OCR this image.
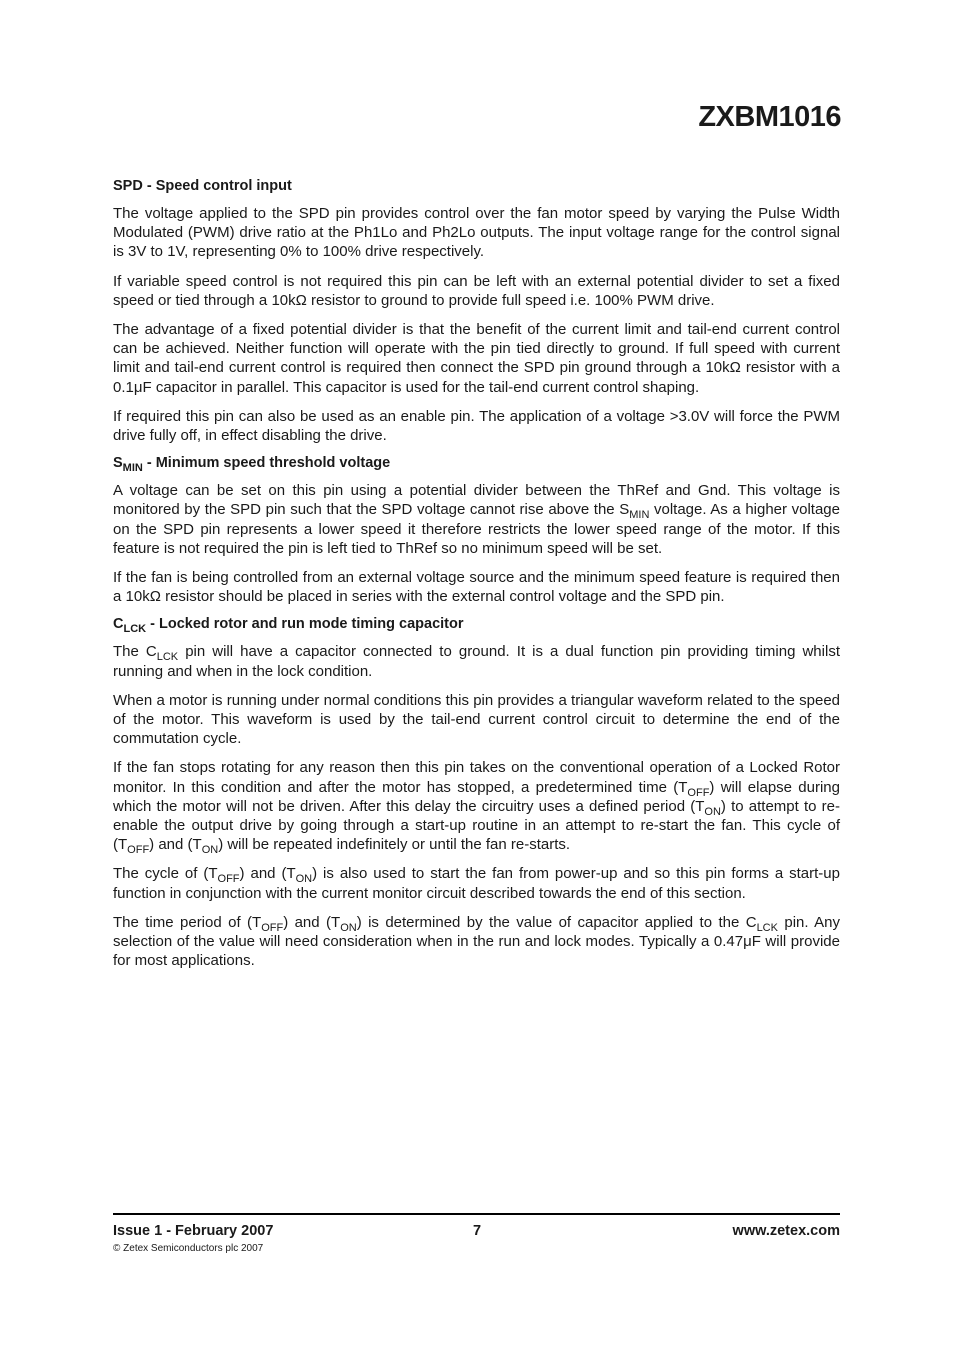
ZXBM1016
SPD - Speed control input

The voltage applied to the SPD pin provides control over the fan motor speed by varying the Pulse Width Modulated (PWM) drive ratio at the Ph1Lo and Ph2Lo outputs. The input voltage range for the control signal is 3V to 1V, representing 0% to 100% drive respectively.

If variable speed control is not required this pin can be left with an external potential divider to set a fixed speed or tied through a 10kΩ resistor to ground to provide full speed i.e. 100% PWM drive.

The advantage of a fixed potential divider is that the benefit of the current limit and tail-end current control can be achieved. Neither function will operate with the pin tied directly to ground. If full speed with current limit and tail-end current control is required then connect the SPD pin ground through a 10kΩ resistor with a 0.1μF capacitor in parallel. This capacitor is used for the tail-end current control shaping.

If required this pin can also be used as an enable pin. The application of a voltage >3.0V will force the PWM drive fully off, in effect disabling the drive.

$S_{MIN}$ - Minimum speed threshold voltage

A voltage can be set on this pin using a potential divider between the ThRef and Gnd. This voltage is monitored by the SPD pin such that the SPD voltage cannot rise above the $S_{MIN}$ voltage. As a higher voltage on the SPD pin represents a lower speed it therefore restricts the lower speed range of the motor. If this feature is not required the pin is left tied to ThRef so no minimum speed will be set.

If the fan is being controlled from an external voltage source and the minimum speed feature is required then a 10kΩ resistor should be placed in series with the external control voltage and the SPD pin.

$C_{LCK}$ - Locked rotor and run mode timing capacitor

The $C_{LCK}$ pin will have a capacitor connected to ground. It is a dual function pin providing timing whilst running and when in the lock condition.

When a motor is running under normal conditions this pin provides a triangular waveform related to the speed of the motor. This waveform is used by the tail-end current control circuit to determine the end of the commutation cycle.

If the fan stops rotating for any reason then this pin takes on the conventional operation of a Locked Rotor monitor. In this condition and after the motor has stopped, a predetermined time $(T_{OFF})$ will elapse during which the motor will not be driven. After this delay the circuitry uses a defined period $(T_{ON})$ to attempt to re-enable the output drive by going through a start-up routine in an attempt to re-start the fan. This cycle of $(T_{OFF})$ and $(T_{ON})$ will be repeated indefinitely or until the fan re-starts.

The cycle of $(T_{OFF})$ and $(T_{ON})$ is also used to start the fan from power-up and so this pin forms a start-up function in conjunction with the current monitor circuit described towards the end of this section.

The time period of $(T_{OFF})$ and $(T_{ON})$ is determined by the value of capacitor applied to the $C_{LCK}$ pin. Any selection of the value will need consideration when in the run and lock modes. Typically a 0.47μF will provide for most applications.

Issue 1 - February 2007	7	www.zetex.com
© Zetex Semiconductors plc 2007
